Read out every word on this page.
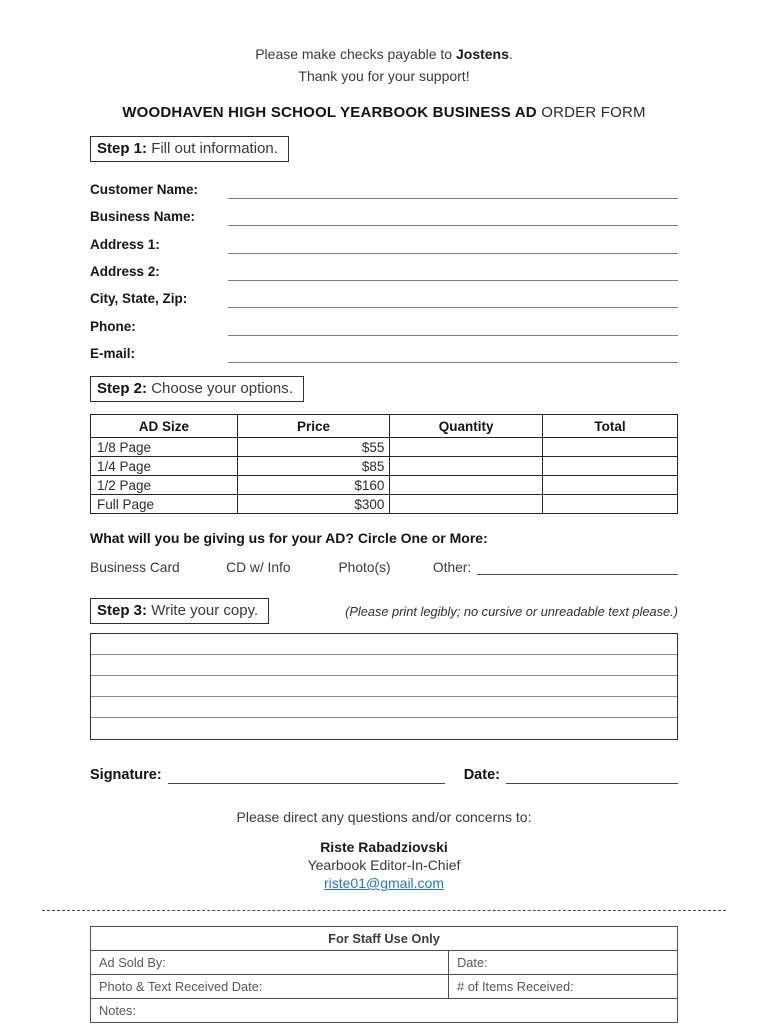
Please make checks payable to Jostens.
Thank you for your support!
WOODHAVEN HIGH SCHOOL YEARBOOK BUSINESS AD ORDER FORM
Step 1: Fill out information.
Customer Name:
Business Name:
Address 1:
Address 2:
City, State, Zip:
Phone:
E-mail:
Step 2: Choose your options.
AD Size	Price	Quantity	Total
1/8 Page	$55		
1/4 Page	$85		
1/2 Page	$160		
Full Page	$300		
What will you be giving us for your AD? Circle One or More:
Business Card	CD w/ Info	Photo(s)	Other:
Step 3: Write your copy.	(Please print legibly; no cursive or unreadable text please.)
Signature:	Date:
Please direct any questions and/or concerns to:
Riste Rabadziovski
Yearbook Editor-In-Chief
riste01@gmail.com
For Staff Use Only	
Ad Sold By:	Date:
Photo & Text Received Date:	# of Items Received:
Notes:	
